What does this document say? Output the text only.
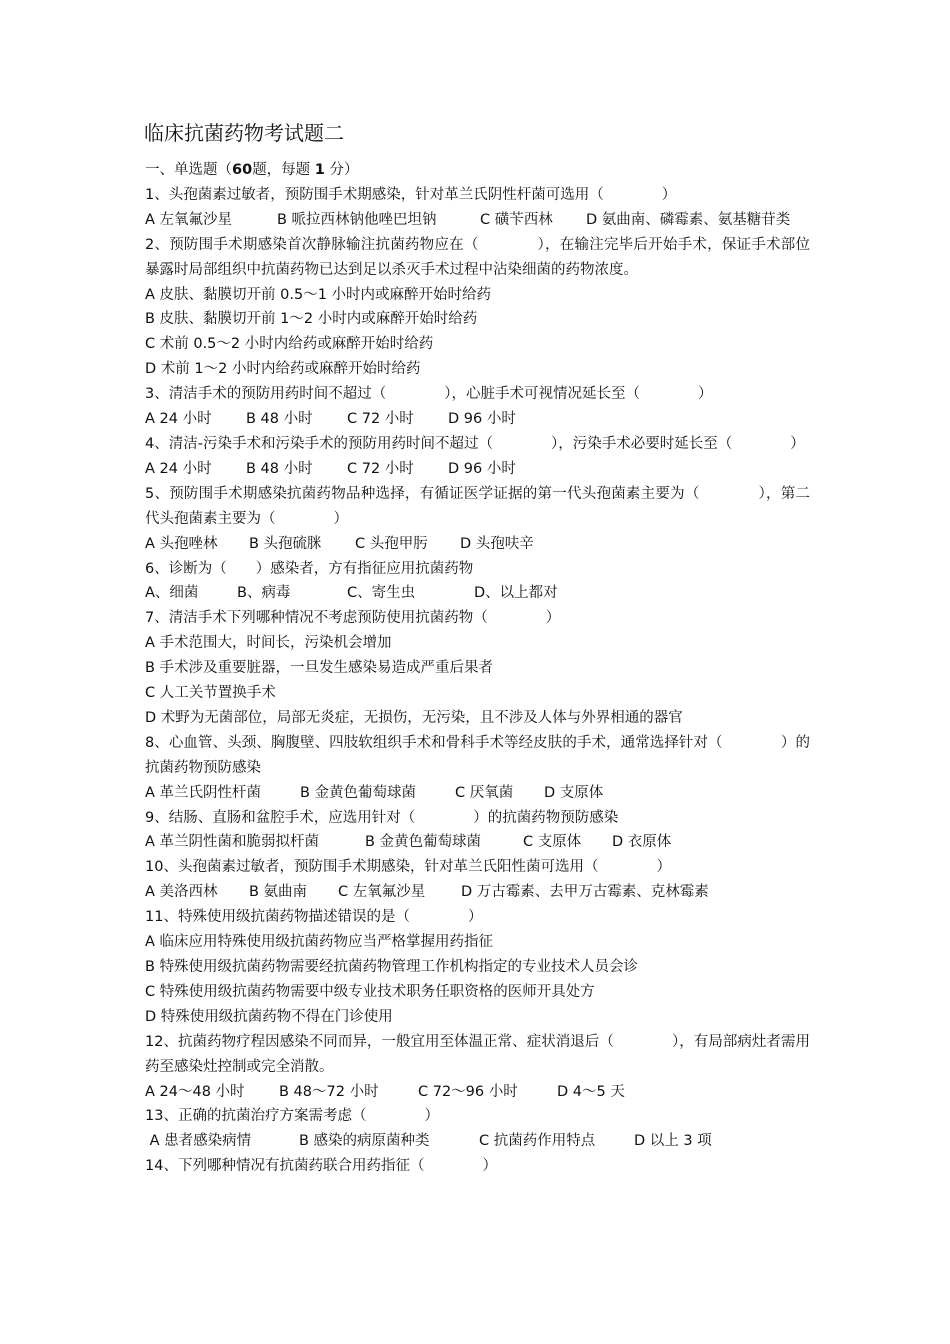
临床抗菌药物考试题二
一、单选题（60题，每题 1 分）
1、头孢菌素过敏者，预防围手术期感染，针对革兰氏阴性杆菌可选用（　　　　）
A 左氧氟沙星	B 哌拉西林钠他唑巴坦钠	C 磺苄西林 D 氨曲南、磷霉素、氨基糖苷类
2、预防围手术期感染首次静脉输注抗菌药物应在（　　　　），在输注完毕后开始手术，保证手术部位暴露时局部组织中抗菌药物已达到足以杀灭手术过程中沾染细菌的药物浓度。
A 皮肤、黏膜切开前 0.5～1 小时内或麻醉开始时给药
B 皮肤、黏膜切开前 1～2 小时内或麻醉开始时给药
C 术前 0.5～2 小时内给药或麻醉开始时给药
D 术前 1～2 小时内给药或麻醉开始时给药
3、清洁手术的预防用药时间不超过（　　　　），心脏手术可视情况延长至（　　　　）
A 24 小时 B 48 小时 C 72 小时 D 96 小时
4、清洁-污染手术和污染手术的预防用药时间不超过（　　　　），污染手术必要时延长至（　　　　）
A 24 小时 B 48 小时 C 72 小时 D 96 小时
5、预防围手术期感染抗菌药物品种选择，有循证医学证据的第一代头孢菌素主要为（　　　　），第二代头孢菌素主要为（　　　　）
A 头孢唑林 B 头孢硫脒 C 头孢甲肟 D 头孢呋辛
6、诊断为（　　）感染者，方有指征应用抗菌药物
A、细菌	B、病毒	C、寄生虫	D、以上都对
7、清洁手术下列哪种情况不考虑预防使用抗菌药物（　　　　）
A 手术范围大，时间长，污染机会增加
B 手术涉及重要脏器，一旦发生感染易造成严重后果者
C 人工关节置换手术
D 术野为无菌部位，局部无炎症，无损伤，无污染，且不涉及人体与外界相通的器官
8、心血管、头颈、胸腹壁、四肢软组织手术和骨科手术等经皮肤的手术，通常选择针对（　　　　）的抗菌药物预防感染
A 革兰氏阴性杆菌	B 金黄色葡萄球菌	C 厌氧菌 D 支原体
9、结肠、直肠和盆腔手术，应选用针对（　　　　）的抗菌药物预防感染
A 革兰阴性菌和脆弱拟杆菌	B 金黄色葡萄球菌	C 支原体 D 衣原体
10、头孢菌素过敏者，预防围手术期感染，针对革兰氏阳性菌可选用（　　　　）
A 美洛西林 B 氨曲南 C 左氧氟沙星 D 万古霉素、去甲万古霉素、克林霉素
11、特殊使用级抗菌药物描述错误的是（　　　　）
A 临床应用特殊使用级抗菌药物应当严格掌握用药指征
B 特殊使用级抗菌药物需要经抗菌药物管理工作机构指定的专业技术人员会诊
C 特殊使用级抗菌药物需要中级专业技术职务任职资格的医师开具处方
D 特殊使用级抗菌药物不得在门诊使用
12、抗菌药物疗程因感染不同而异，一般宜用至体温正常、症状消退后（　　　　），有局部病灶者需用药至感染灶控制或完全消散。
A 24～48 小时 B 48～72 小时	C 72～96 小时	D 4～5 天
13、正确的抗菌治疗方案需考虑（　　　　）
A 患者感染病情	B 感染的病原菌种类	C 抗菌药作用特点	D 以上 3 项
14、下列哪种情况有抗菌药联合用药指征（　　　　）
